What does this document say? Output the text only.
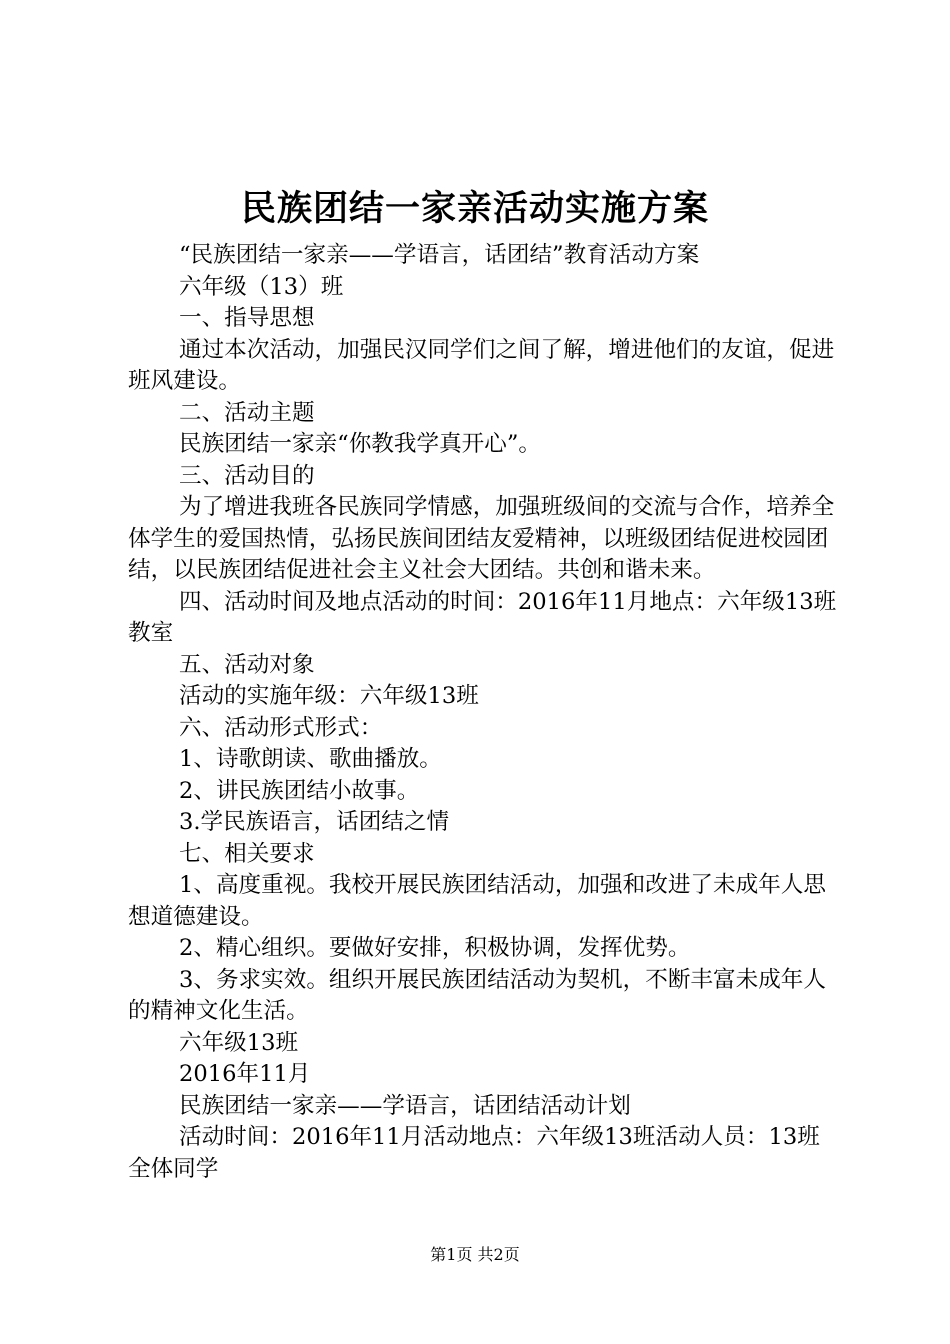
民族团结一家亲活动实施方案

“民族团结一家亲——学语言，话团结”教育活动方案

六年级（13）班

一、指导思想

通过本次活动，加强民汉同学们之间了解，增进他们的友谊，促进班风建设。

二、活动主题

民族团结一家亲“你教我学真开心”。

三、活动目的

为了增进我班各民族同学情感，加强班级间的交流与合作，培养全体学生的爱国热情，弘扬民族间团结友爱精神，以班级团结促进校园团结，以民族团结促进社会主义社会大团结。共创和谐未来。

四、活动时间及地点活动的时间：2016年11月地点：六年级13班教室

五、活动对象

活动的实施年级：六年级13班

六、活动形式形式：

1、诗歌朗读、歌曲播放。

2、讲民族团结小故事。

3.学民族语言，话团结之情

七、相关要求

1、高度重视。我校开展民族团结活动，加强和改进了未成年人思想道德建设。

2、精心组织。要做好安排，积极协调，发挥优势。

3、务求实效。组织开展民族团结活动为契机，不断丰富未成年人的精神文化生活。

六年级13班

2016年11月

民族团结一家亲——学语言，话团结活动计划

活动时间：2016年11月活动地点：六年级13班活动人员：13班全体同学

第1页 共2页
